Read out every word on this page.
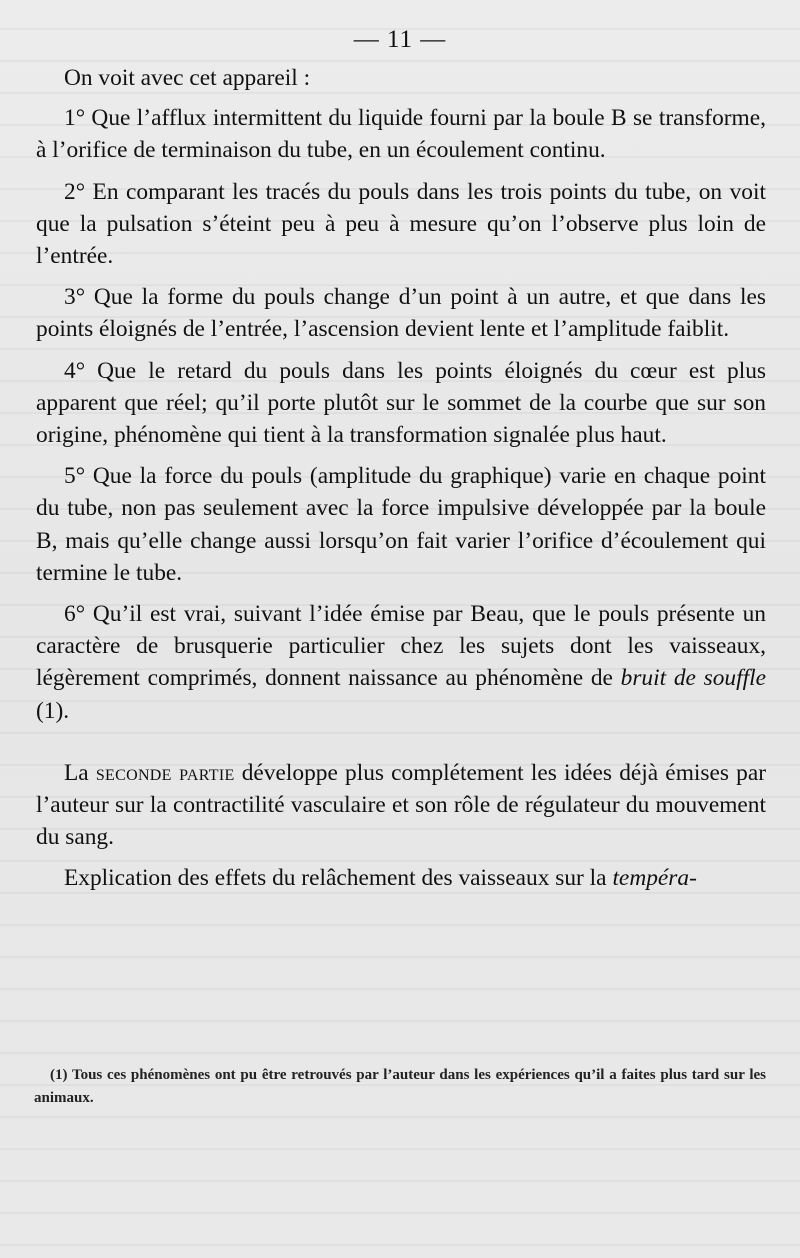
— 11 —

On voit avec cet appareil :

1° Que l’afflux intermittent du liquide fourni par la boule B se transforme, à l’orifice de terminaison du tube, en un écoulement continu.

2° En comparant les tracés du pouls dans les trois points du tube, on voit que la pulsation s’éteint peu à peu à mesure qu’on l’observe plus loin de l’entrée.

3° Que la forme du pouls change d’un point à un autre, et que dans les points éloignés de l’entrée, l’ascension devient lente et l’amplitude faiblit.

4° Que le retard du pouls dans les points éloignés du cœur est plus apparent que réel; qu’il porte plutôt sur le sommet de la courbe que sur son origine, phénomène qui tient à la transformation signalée plus haut.

5° Que la force du pouls (amplitude du graphique) varie en chaque point du tube, non pas seulement avec la force impulsive développée par la boule B, mais qu’elle change aussi lorsqu’on fait varier l’orifice d’écoulement qui termine le tube.

6° Qu’il est vrai, suivant l’idée émise par Beau, que le pouls présente un caractère de brusquerie particulier chez les sujets dont les vaisseaux, légèrement comprimés, donnent naissance au phénomène de bruit de souffle (1).

La seconde partie développe plus complétement les idées déjà émises par l’auteur sur la contractilité vasculaire et son rôle de régulateur du mouvement du sang.

Explication des effets du relâchement des vaisseaux sur la tempéra-

(1) Tous ces phénomènes ont pu être retrouvés par l’auteur dans les expériences qu’il a faites plus tard sur les animaux.
